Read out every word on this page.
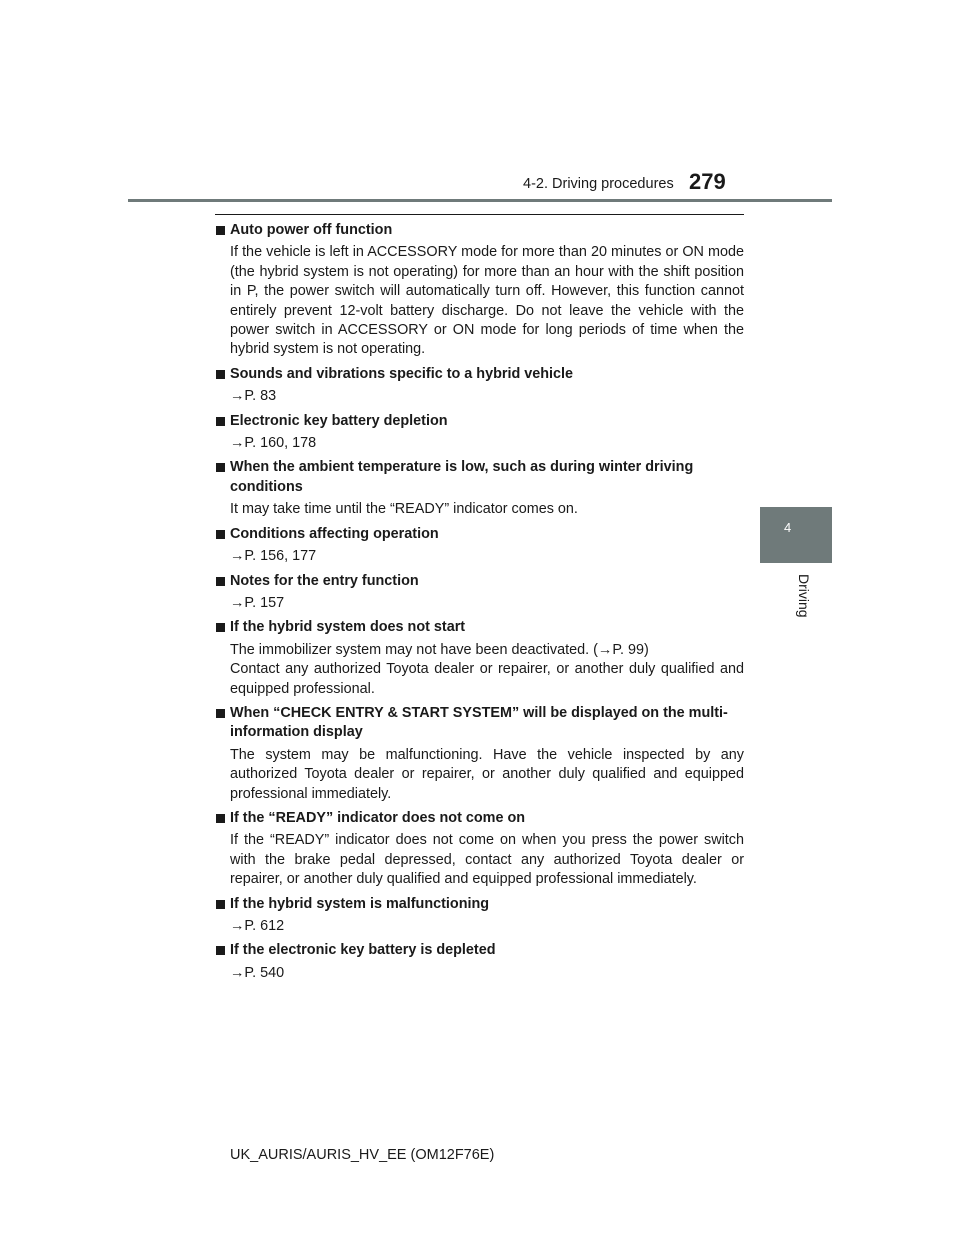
4-2. Driving procedures 279
4
Driving
Auto power off function
If the vehicle is left in ACCESSORY mode for more than 20 minutes or ON mode (the hybrid system is not operating) for more than an hour with the shift position in P, the power switch will automatically turn off. However, this function cannot entirely prevent 12-volt battery discharge. Do not leave the vehicle with the power switch in ACCESSORY or ON mode for long periods of time when the hybrid system is not operating.
Sounds and vibrations specific to a hybrid vehicle
→P. 83
Electronic key battery depletion
→P. 160, 178
When the ambient temperature is low, such as during winter driving conditions
It may take time until the “READY” indicator comes on.
Conditions affecting operation
→P. 156, 177
Notes for the entry function
→P. 157
If the hybrid system does not start
The immobilizer system may not have been deactivated. (→P. 99)
Contact any authorized Toyota dealer or repairer, or another duly qualified and equipped professional.
When “CHECK ENTRY & START SYSTEM” will be displayed on the multi-information display
The system may be malfunctioning. Have the vehicle inspected by any authorized Toyota dealer or repairer, or another duly qualified and equipped professional immediately.
If the “READY” indicator does not come on
If the “READY” indicator does not come on when you press the power switch with the brake pedal depressed, contact any authorized Toyota dealer or repairer, or another duly qualified and equipped professional immediately.
If the hybrid system is malfunctioning
→P. 612
If the electronic key battery is depleted
→P. 540
UK_AURIS/AURIS_HV_EE (OM12F76E)
